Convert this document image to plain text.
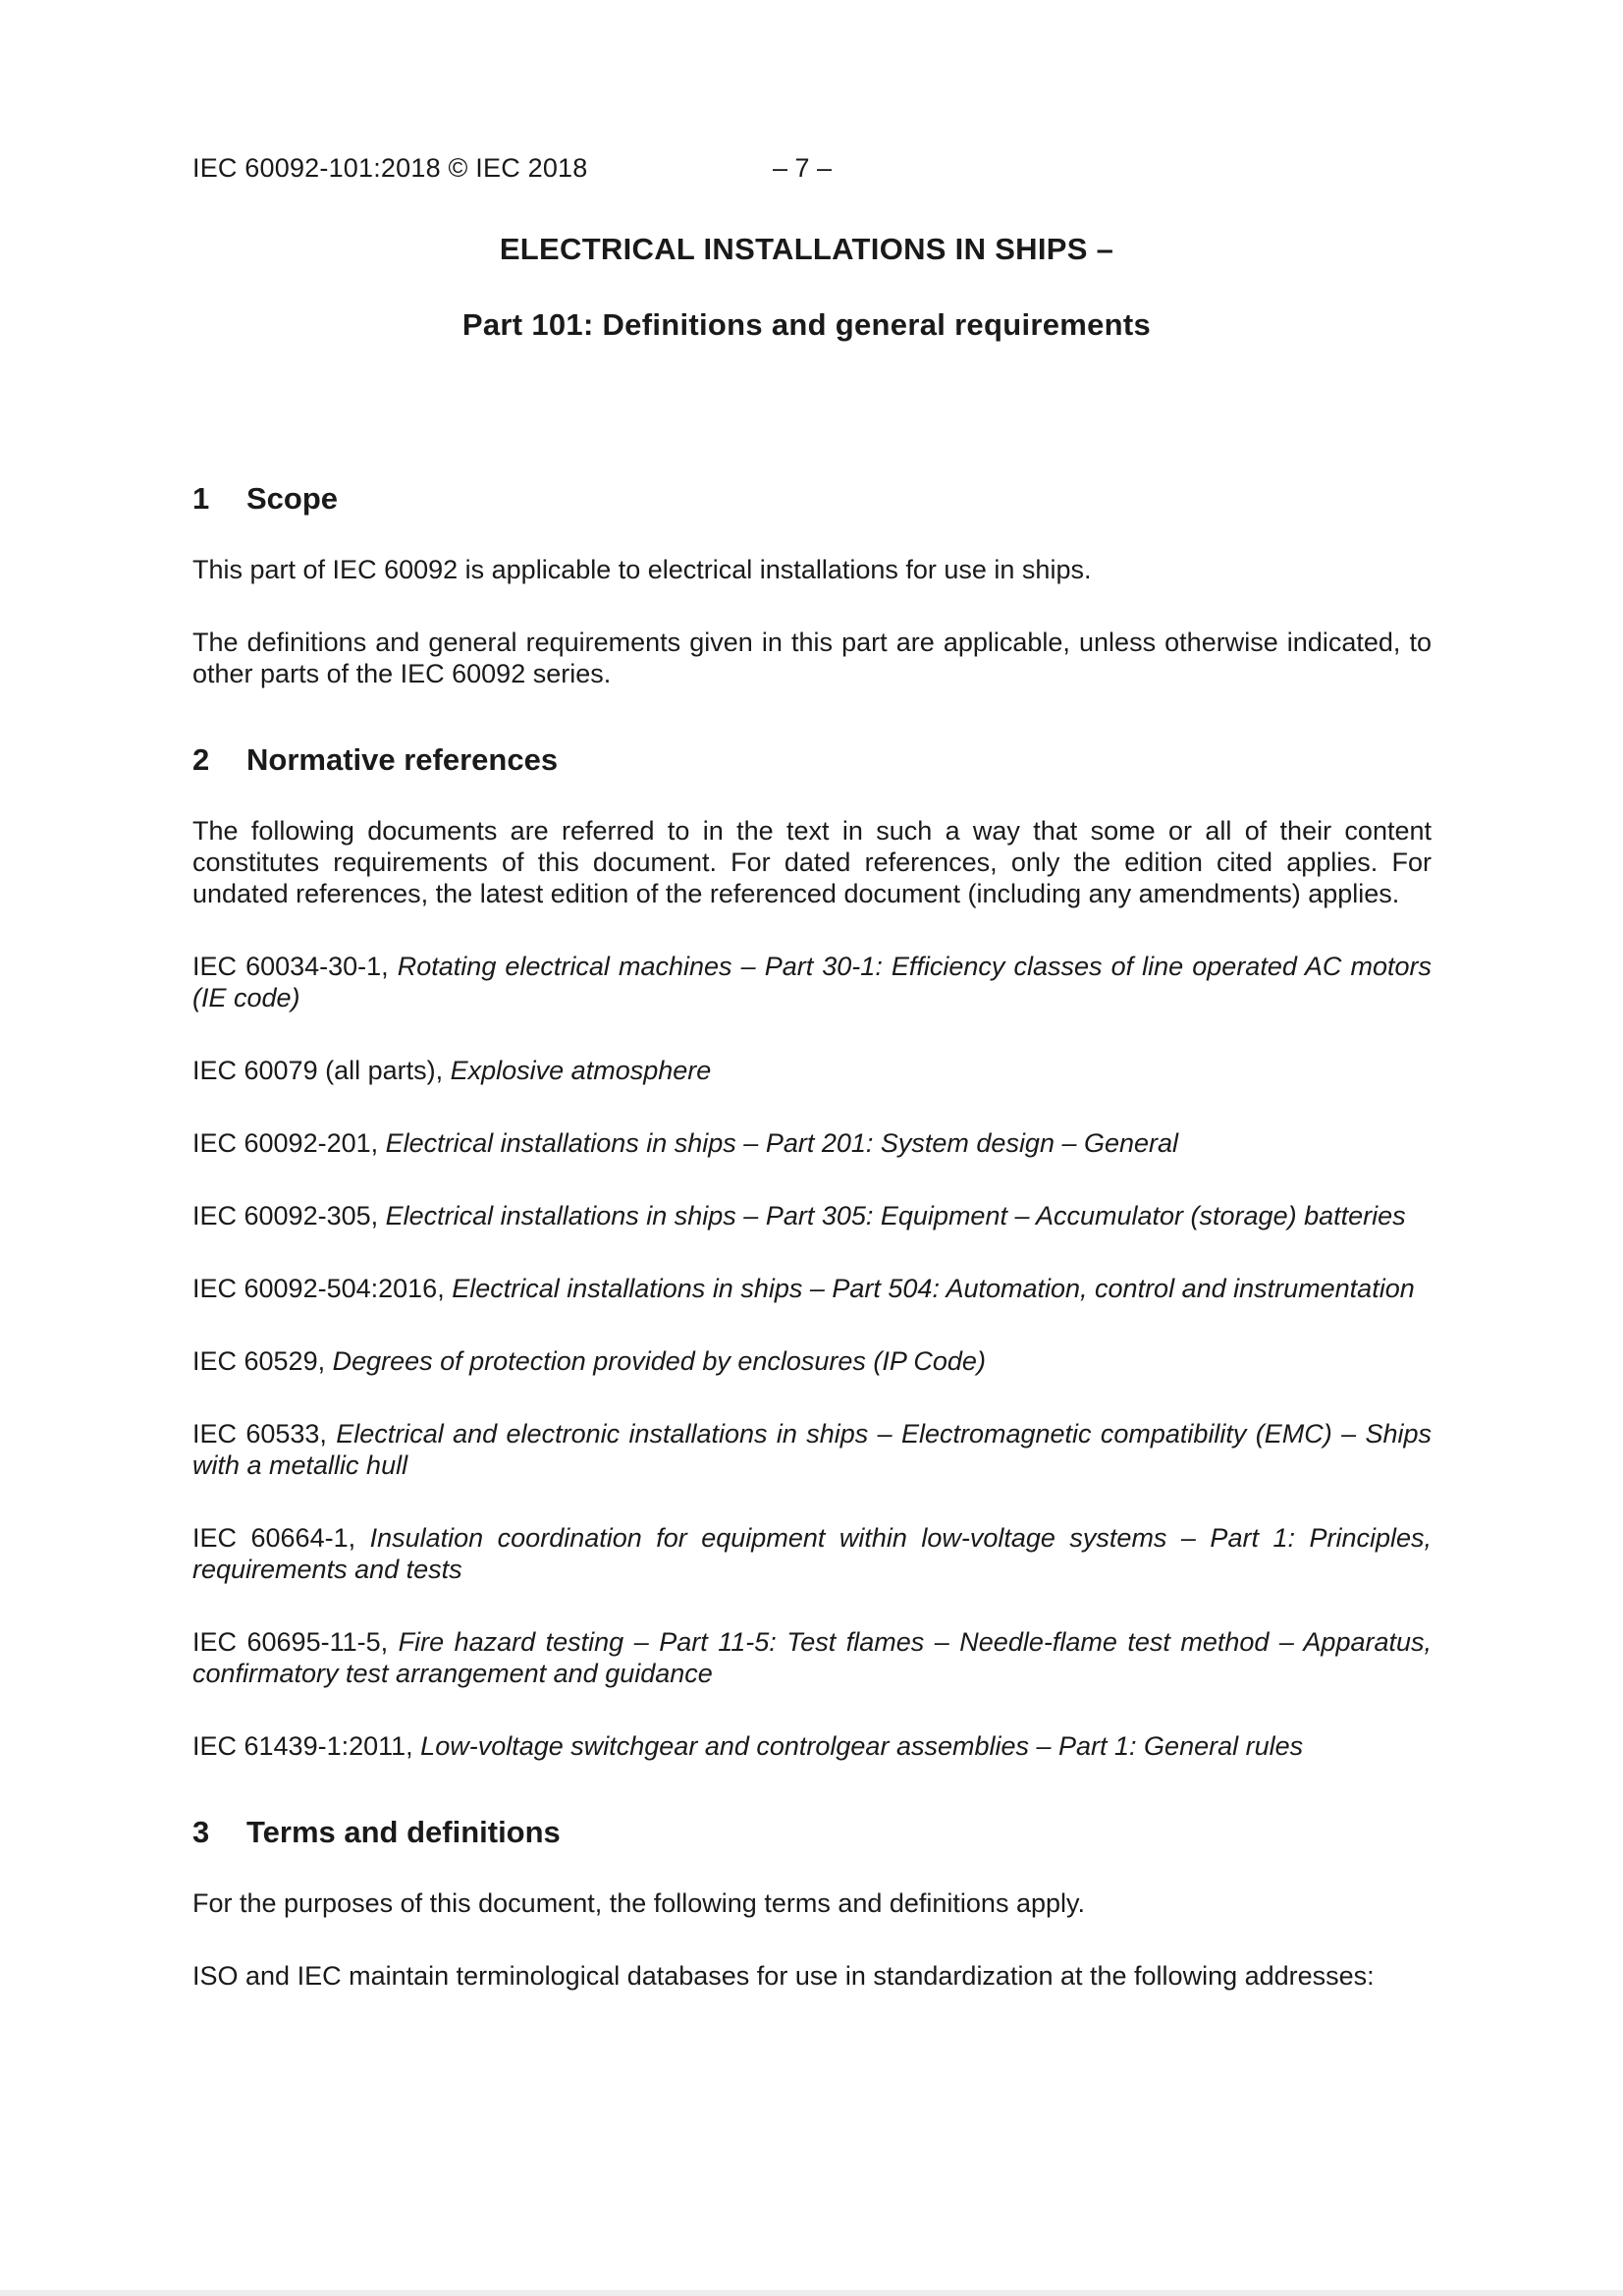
IEC 60092-101:2018 © IEC 2018	– 7 –
ELECTRICAL INSTALLATIONS IN SHIPS –
Part 101: Definitions and general requirements
1	Scope

This part of IEC 60092 is applicable to electrical installations for use in ships.

The definitions and general requirements given in this part are applicable, unless otherwise indicated, to other parts of the IEC 60092 series.

2	Normative references

The following documents are referred to in the text in such a way that some or all of their content constitutes requirements of this document. For dated references, only the edition cited applies. For undated references, the latest edition of the referenced document (including any amendments) applies.

IEC 60034-30-1, Rotating electrical machines – Part 30-1: Efficiency classes of line operated AC motors (IE code)

IEC 60079 (all parts), Explosive atmosphere

IEC 60092-201, Electrical installations in ships – Part 201: System design – General

IEC 60092-305, Electrical installations in ships – Part 305: Equipment – Accumulator (storage) batteries

IEC 60092-504:2016, Electrical installations in ships – Part 504: Automation, control and instrumentation

IEC 60529, Degrees of protection provided by enclosures (IP Code)

IEC 60533, Electrical and electronic installations in ships – Electromagnetic compatibility (EMC) – Ships with a metallic hull

IEC 60664-1, Insulation coordination for equipment within low-voltage systems – Part 1: Principles, requirements and tests

IEC 60695-11-5, Fire hazard testing – Part 11-5: Test flames – Needle-flame test method – Apparatus, confirmatory test arrangement and guidance

IEC 61439-1:2011, Low-voltage switchgear and controlgear assemblies – Part 1: General rules

3	Terms and definitions

For the purposes of this document, the following terms and definitions apply.

ISO and IEC maintain terminological databases for use in standardization at the following addresses:
